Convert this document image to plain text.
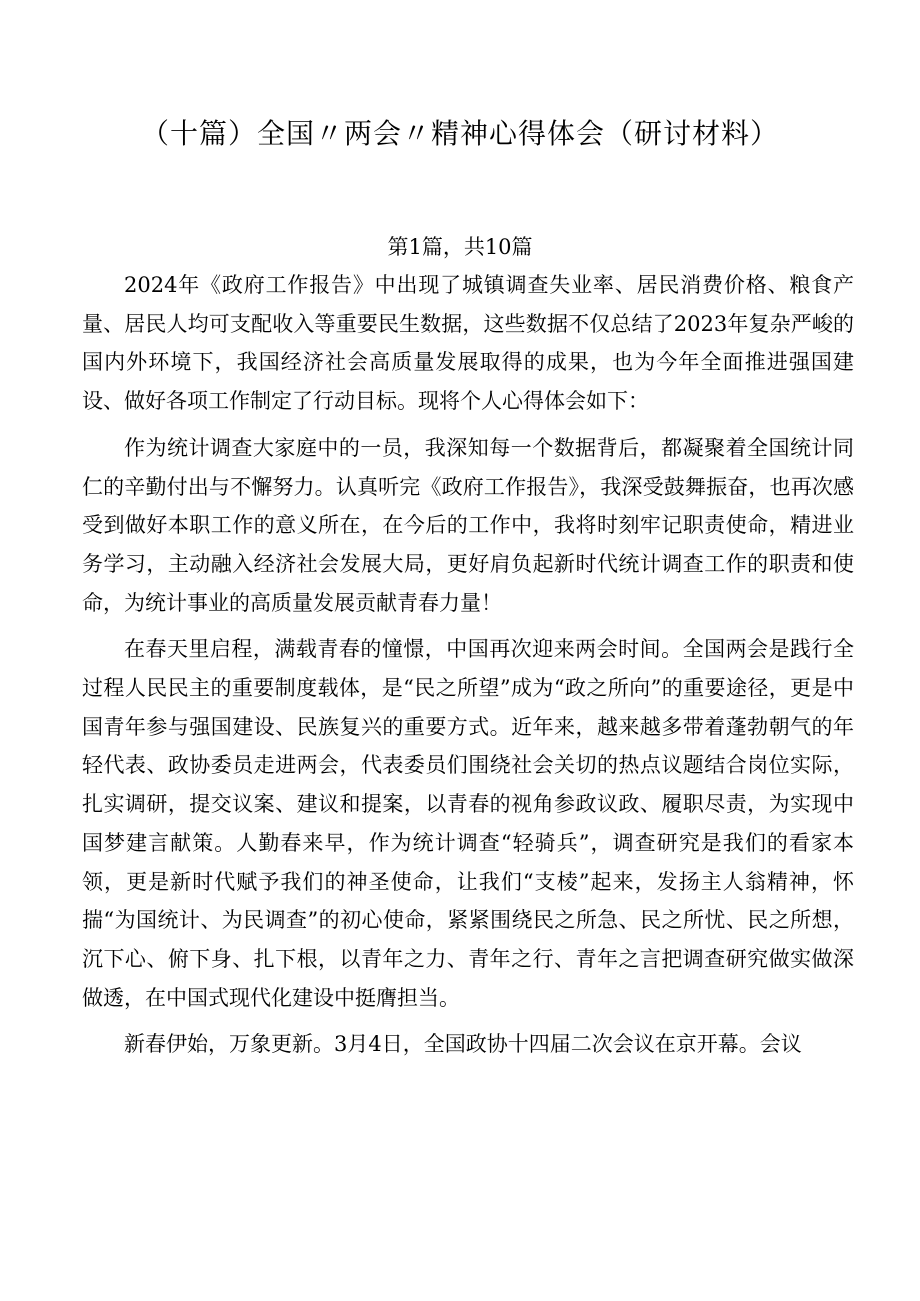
（十篇）全国〃两会〃精神心得体会（研讨材料）
第1篇，共10篇

2024年《政府工作报告》中出现了城镇调查失业率、居民消费价格、粮食产量、居民人均可支配收入等重要民生数据，这些数据不仅总结了2023年复杂严峻的国内外环境下，我国经济社会高质量发展取得的成果，也为今年全面推进强国建设、做好各项工作制定了行动目标。现将个人心得体会如下：

作为统计调查大家庭中的一员，我深知每一个数据背后，都凝聚着全国统计同仁的辛勤付出与不懈努力。认真听完《政府工作报告》，我深受鼓舞振奋，也再次感受到做好本职工作的意义所在，在今后的工作中，我将时刻牢记职责使命，精进业务学习，主动融入经济社会发展大局，更好肩负起新时代统计调查工作的职责和使命，为统计事业的高质量发展贡献青春力量！

在春天里启程，满载青春的憧憬，中国再次迎来两会时间。全国两会是践行全过程人民民主的重要制度载体，是“民之所望”成为“政之所向”的重要途径，更是中国青年参与强国建设、民族复兴的重要方式。近年来，越来越多带着蓬勃朝气的年轻代表、政协委员走进两会，代表委员们围绕社会关切的热点议题结合岗位实际，扎实调研，提交议案、建议和提案，以青春的视角参政议政、履职尽责，为实现中国梦建言献策。人勤春来早，作为统计调查“轻骑兵”，调查研究是我们的看家本领，更是新时代赋予我们的神圣使命，让我们“支棱”起来，发扬主人翁精神，怀揣“为国统计、为民调查”的初心使命，紧紧围绕民之所急、民之所忧、民之所想，沉下心、俯下身、扎下根，以青年之力、青年之行、青年之言把调查研究做实做深做透，在中国式现代化建设中挺膺担当。

新春伊始，万象更新。3月4日，全国政协十四届二次会议在京开幕。会议
